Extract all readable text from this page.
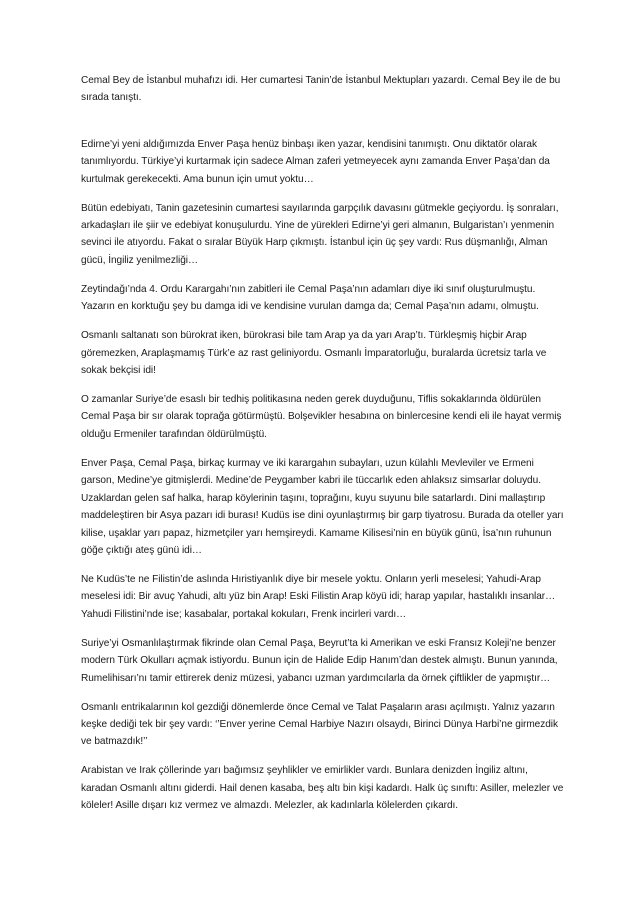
Cemal Bey de İstanbul muhafızı idi. Her cumartesi Tanin’de İstanbul Mektupları yazardı. Cemal Bey ile de bu sırada tanıştı.

Edirne’yi yeni aldığımızda Enver Paşa henüz binbaşı iken yazar, kendisini tanımıştı. Onu diktatör olarak tanımlıyordu. Türkiye’yi kurtarmak için sadece Alman zaferi yetmeyecek aynı zamanda Enver Paşa’dan da kurtulmak gerekecekti. Ama bunun için umut yoktu…

Bütün edebiyatı, Tanin gazetesinin cumartesi sayılarında garpçılık davasını gütmekle geçiyordu. İş sonraları, arkadaşları ile şiir ve edebiyat konuşulurdu. Yine de yürekleri Edirne’yi geri almanın, Bulgaristan’ı yenmenin sevinci ile atıyordu. Fakat o sıralar Büyük Harp çıkmıştı. İstanbul için üç şey vardı: Rus düşmanlığı, Alman gücü, İngiliz yenilmezliği…

Zeytindağı’nda 4. Ordu Karargahı’nın zabitleri ile Cemal Paşa’nın adamları diye iki sınıf oluşturulmuştu. Yazarın en korktuğu şey bu damga idi ve kendisine vurulan damga da; Cemal Paşa’nın adamı, olmuştu.

Osmanlı saltanatı son bürokrat iken, bürokrasi bile tam Arap ya da yarı Arap’tı. Türkleşmiş hiçbir Arap göremezken, Araplaşmamış Türk’e az rast geliniyordu. Osmanlı İmparatorluğu, buralarda ücretsiz tarla ve sokak bekçisi idi!

O zamanlar Suriye’de esaslı bir tedhiş politikasına neden gerek duyduğunu, Tiflis sokaklarında öldürülen Cemal Paşa bir sır olarak toprağa götürmüştü. Bolşevikler hesabına on binlercesine kendi eli ile hayat vermiş olduğu Ermeniler tarafından öldürülmüştü.

Enver Paşa, Cemal Paşa, birkaç kurmay ve iki karargahın subayları, uzun külahlı Mevleviler ve Ermeni garson, Medine’ye gitmişlerdi. Medine’de Peygamber kabri ile tüccarlık eden ahlaksız simsarlar doluydu. Uzaklardan gelen saf halka, harap köylerinin taşını, toprağını, kuyu suyunu bile satarlardı. Dini mallaştırıp maddeleştiren bir Asya pazarı idi burası! Kudüs ise dini oyunlaştırmış bir garp tiyatrosu. Burada da oteller yarı kilise, uşaklar yarı papaz, hizmetçiler yarı hemşireydi. Kamame Kilisesi’nin en büyük günü, İsa’nın ruhunun göğe çıktığı ateş günü idi…

Ne Kudüs’te ne Filistin’de aslında Hıristiyanlık diye bir mesele yoktu. Onların yerli meselesi; Yahudi-Arap meselesi idi: Bir avuç Yahudi, altı yüz bin Arap! Eski Filistin Arap köyü idi; harap yapılar, hastalıklı insanlar… Yahudi Filistini’nde ise; kasabalar, portakal kokuları, Frenk incirleri vardı…

Suriye’yi Osmanlılaştırmak fikrinde olan Cemal Paşa, Beyrut’ta ki Amerikan ve eski Fransız Koleji’ne benzer modern Türk Okulları açmak istiyordu. Bunun için de Halide Edip Hanım’dan destek almıştı. Bunun yanında, Rumelihisarı’nı tamir ettirerek deniz müzesi, yabancı uzman yardımcılarla da örnek çiftlikler de yapmıştır…

Osmanlı entrikalarının kol gezdiği dönemlerde önce Cemal ve Talat Paşaların arası açılmıştı. Yalnız yazarın keşke dediği tek bir şey vardı: ‘’Enver yerine Cemal Harbiye Nazırı olsaydı, Birinci Dünya Harbi’ne girmezdik ve batmazdık!’’

Arabistan ve Irak çöllerinde yarı bağımsız şeyhlikler ve emirlikler vardı. Bunlara denizden İngiliz altını, karadan Osmanlı altını giderdi. Hail denen kasaba, beş altı bin kişi kadardı. Halk üç sınıftı: Asiller, melezler ve köleler! Asille dışarı kız vermez ve almazdı. Melezler, ak kadınlarla kölelerden çıkardı.
